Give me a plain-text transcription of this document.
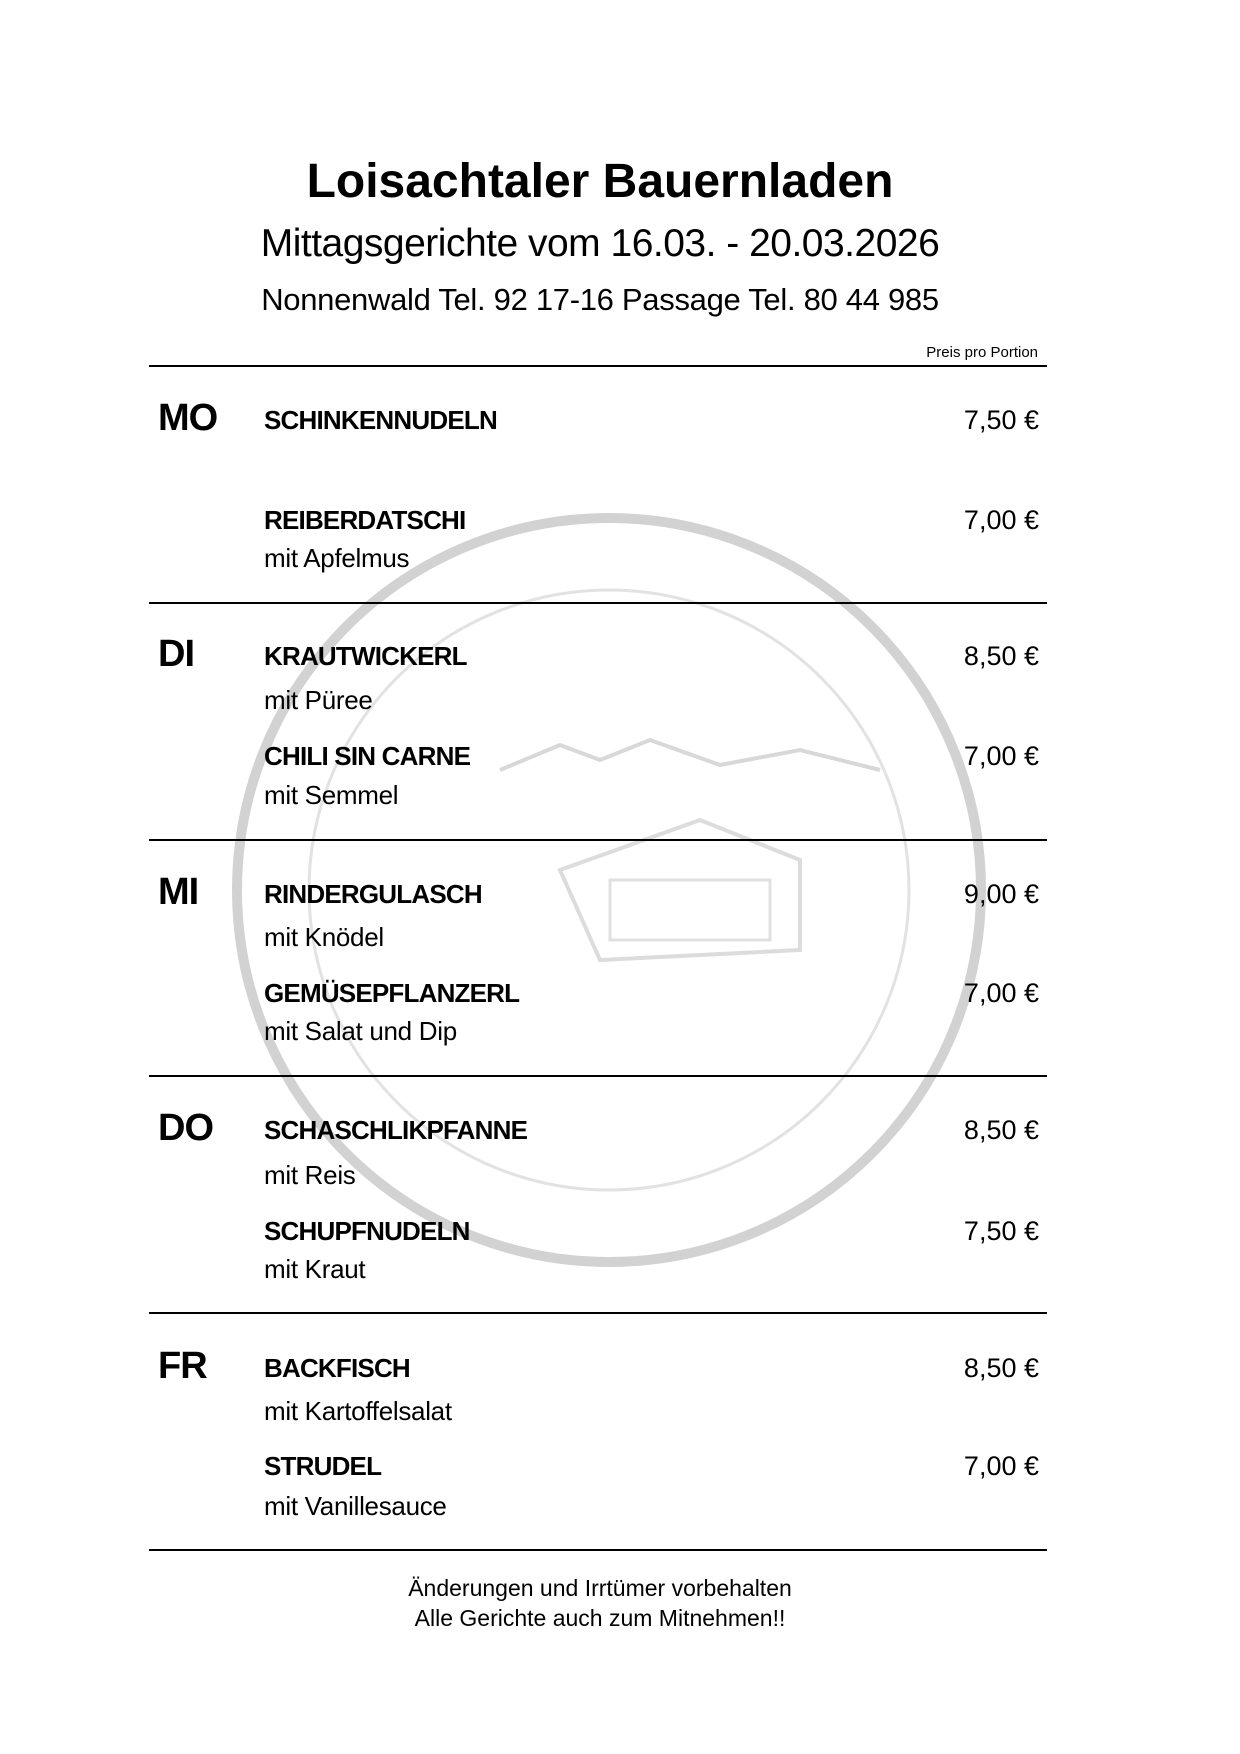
Loisachtaler Bauernladen
Mittagsgerichte vom 16.03. - 20.03.2026
Nonnenwald Tel. 92 17-16 Passage Tel. 80 44 985
Preis pro Portion
MO SCHINKENNUDELN	7,50 €
REIBERDATSCHI	7,00 €
mit Apfelmus
DI	KRAUTWICKERL	8,50 €
mit Püree
CHILI SIN CARNE	7,00 €
mit Semmel
MI	RINDERGULASCH	9,00 €
mit Knödel
GEMÜSEPFLANZERL	7,00 €
mit Salat und Dip
DO SCHASCHLIKPFANNE	8,50 €
mit Reis
SCHUPFNUDELN	7,50 €
mit Kraut
FR BACKFISCH	8,50 €
mit Kartoffelsalat
STRUDEL	7,00 €
mit Vanillesauce
Änderungen und Irrtümer vorbehalten
Alle Gerichte auch zum Mitnehmen!!
